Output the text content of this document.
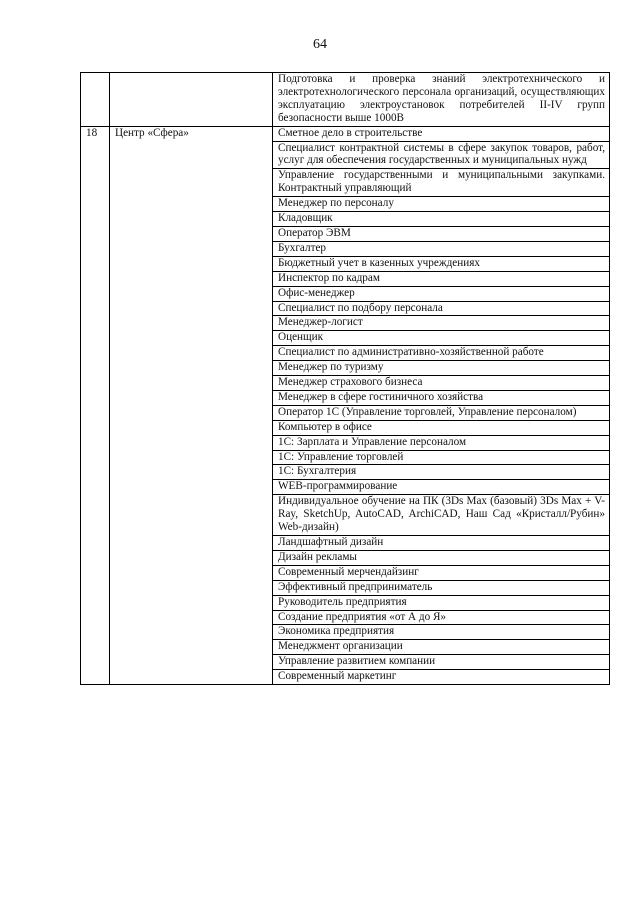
64
		Подготовка и проверка знаний электротехнического и электротехнологического персонала организаций, осуществляющих эксплуатацию электроустановок потребителей II-IV групп безопасности выше 1000В
18	Центр «Сфера»	Сметное дело в строительстве
		Специалист контрактной системы в сфере закупок товаров, работ, услуг для обеспечения государственных и муниципальных нужд
		Управление государственными и муниципальными закупками. Контрактный управляющий
		Менеджер по персоналу
		Кладовщик
		Оператор ЭВМ
		Бухгалтер
		Бюджетный учет в казенных учреждениях
		Инспектор по кадрам
		Офис-менеджер
		Специалист по подбору персонала
		Менеджер-логист
		Оценщик
		Специалист по административно-хозяйственной работе
		Менеджер по туризму
		Менеджер страхового бизнеса
		Менеджер в сфере гостиничного хозяйства
		Оператор 1С (Управление торговлей, Управление персоналом)
		Компьютер в офисе
		1С: Зарплата и Управление персоналом
		1С: Управление торговлей
		1С: Бухгалтерия
		WEB-программирование
		Индивидуальное обучение на ПК (3Ds Max (базовый) 3Ds Max + V-Ray, SketchUp, AutoCAD, ArchiCAD, Наш Сад «Кристалл/Рубин» Web-дизайн)
		Ландшафтный дизайн
		Дизайн рекламы
		Современный мерчендайзинг
		Эффективный предприниматель
		Руководитель предприятия
		Создание предприятия «от А до Я»
		Экономика предприятия
		Менеджмент организации
		Управление развитием компании
		Современный маркетинг
